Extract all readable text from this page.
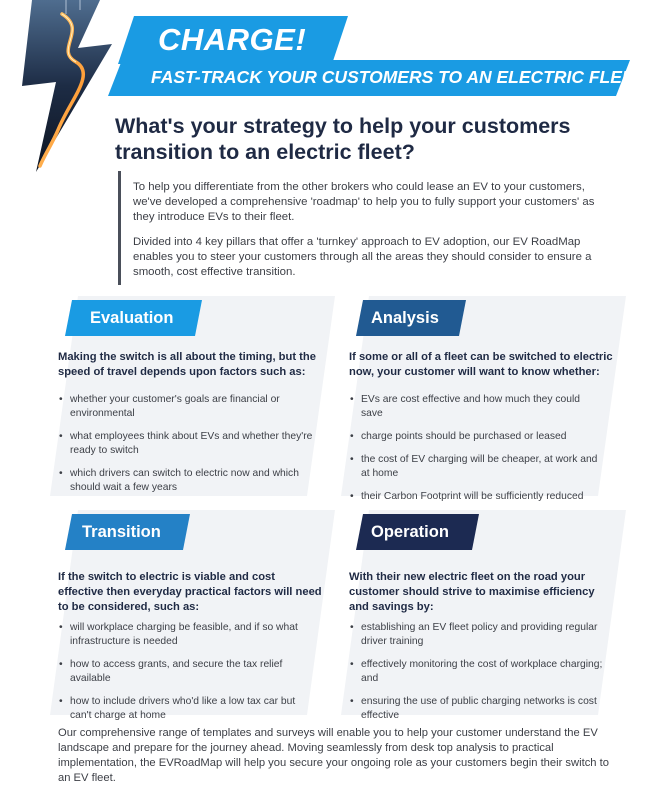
CHARGE!
FAST-TRACK YOUR CUSTOMERS TO AN ELECTRIC FLEET
What's your strategy to help your customers transition to an electric fleet?
To help you differentiate from the other brokers who could lease an EV to your customers, we've developed a comprehensive 'roadmap' to help you to fully support your customers' as they introduce EVs to their fleet.
Divided into 4 key pillars that offer a 'turnkey' approach to EV adoption, our EV RoadMap enables you to steer your customers through all the areas they should consider to ensure a smooth, cost effective transition.
Evaluation
Making the switch is all about the timing, but the speed of travel depends upon factors such as:
• whether your customer's goals are financial or environmental
• what employees think about EVs and whether they're ready to switch
• which drivers can switch to electric now and which should wait a few years
Analysis
If some or all of a fleet can be switched to electric now, your customer will want to know whether:
• EVs are cost effective and how much they could save
• charge points should be purchased or leased
• the cost of EV charging will be cheaper, at work and at home
• their Carbon Footprint will be sufficiently reduced
Transition
If the switch to electric is viable and cost effective then everyday practical factors will need to be considered, such as:
• will workplace charging be feasible, and if so what infrastructure is needed
• how to access grants, and secure the tax relief available
• how to include drivers who'd like a low tax car but can't charge at home
Operation
With their new electric fleet on the road your customer should strive to maximise efficiency and savings by:
• establishing an EV fleet policy and providing regular driver training
• effectively monitoring the cost of workplace charging; and
• ensuring the use of public charging networks is cost effective
Our comprehensive range of templates and surveys will enable you to help your customer understand the EV landscape and prepare for the journey ahead. Moving seamlessly from desk top analysis to practical implementation, the EVRoadMap will help you secure your ongoing role as your customers begin their switch to an EV fleet.
